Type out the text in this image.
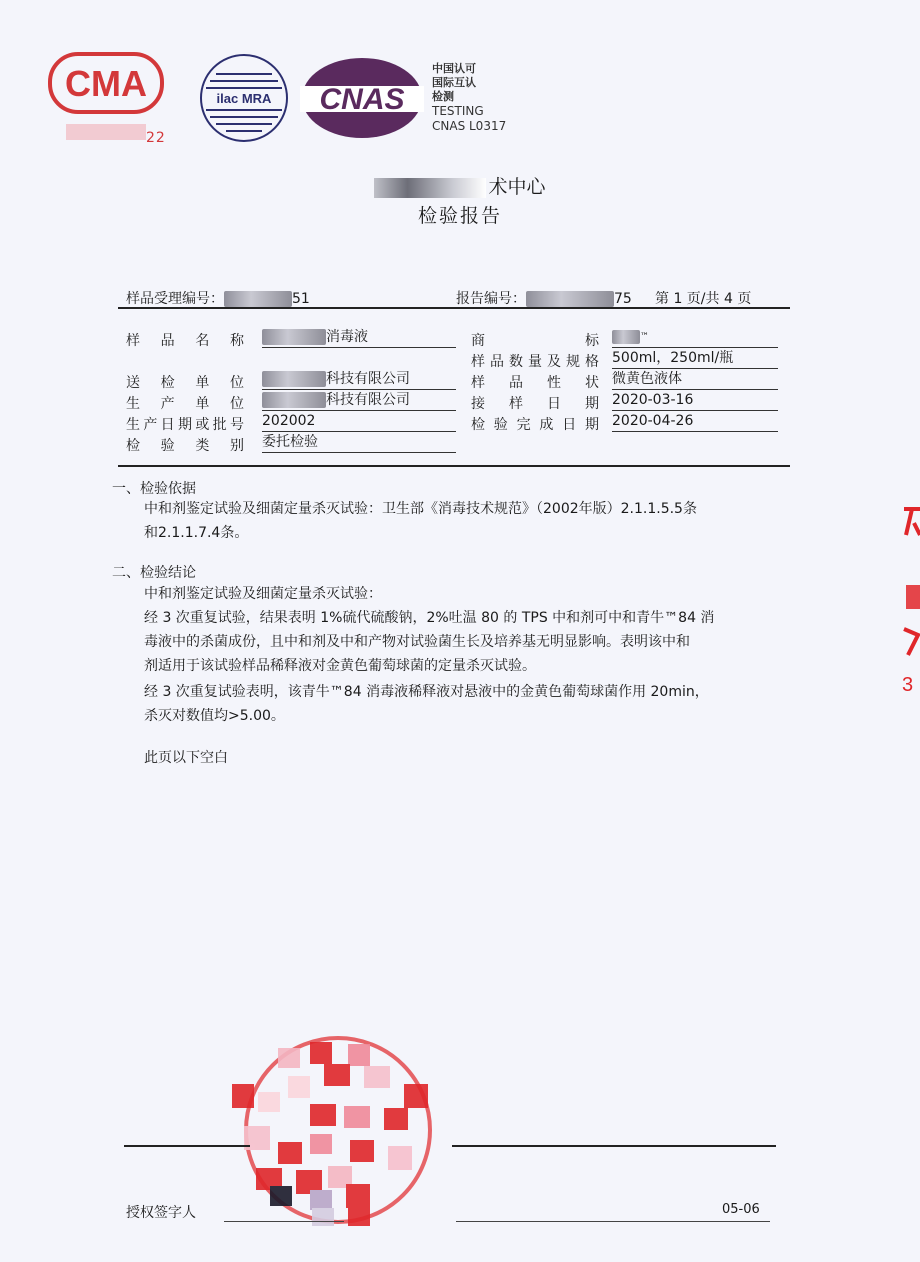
CMA
22
ilac MRA CNAS
中国认可
国际互认
检测
TESTING
CNAS L0317
术中心
检验报告
样品受理编号：	51	报告编号：	75 第 1 页/共 4 页
样品名称	消毒液	商标	™
样品数量及规格 500ml，250ml/瓶
送检单位	科技有限公司	样品性状 微黄色液体
生产单位	科技有限公司	接样日期 2020-03-16
生产日期或批号 202002	检验完成日期 2020-04-26
检验类别 委托检验
一、检验依据
中和剂鉴定试验及细菌定量杀灭试验：卫生部《消毒技术规范》（2002年版）2.1.1.5.5条
和2.1.1.7.4条。
二、检验结论
中和剂鉴定试验及细菌定量杀灭试验：
经 3 次重复试验，结果表明 1%硫代硫酸钠，2%吐温 80 的 TPS 中和剂可中和青牛™84 消
毒液中的杀菌成份，且中和剂及中和产物对试验菌生长及培养基无明显影响。表明该中和
剂适用于该试验样品稀释液对金黄色葡萄球菌的定量杀灭试验。
经 3 次重复试验表明，该青牛™84 消毒液稀释液对悬液中的金黄色葡萄球菌作用 20min，
杀灭对数值均>5.00。
此页以下空白
3
授权签字人	05-06
